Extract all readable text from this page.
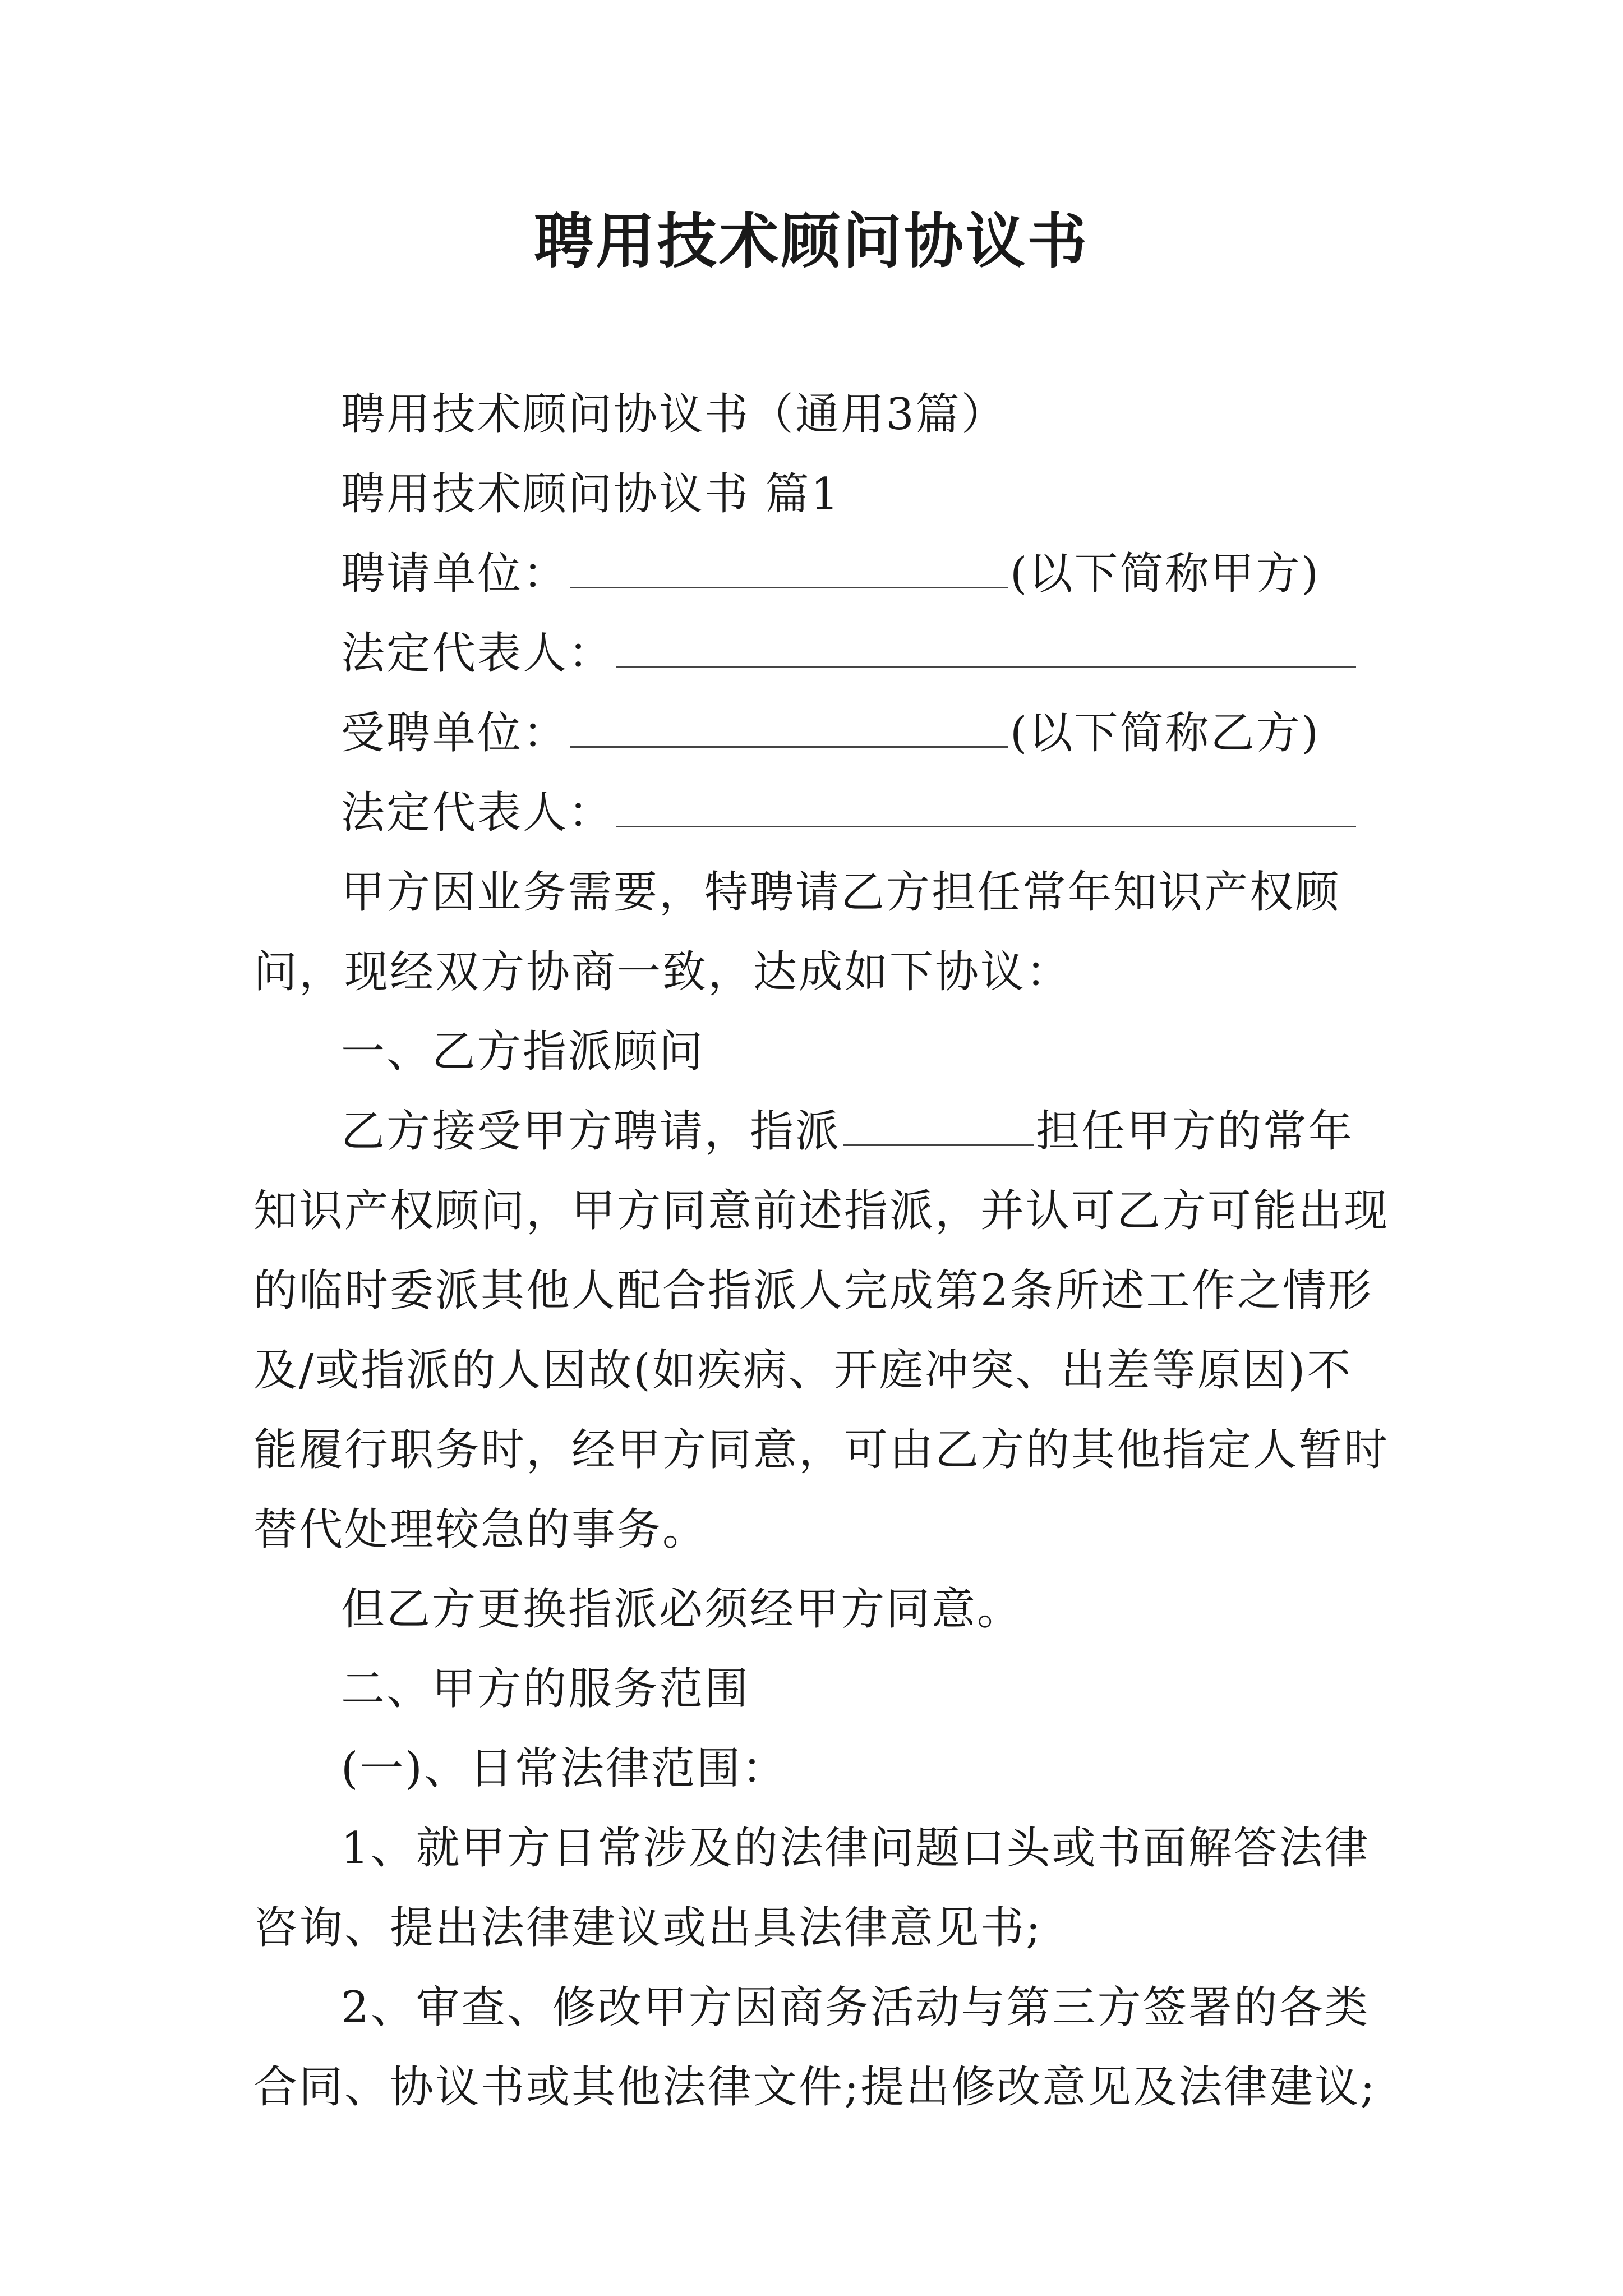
聘用技术顾问协议书

聘用技术顾问协议书（通用3篇）

聘用技术顾问协议书 篇1

聘请单位：	(以下简称甲方)

法定代表人：

受聘单位：	(以下简称乙方)

法定代表人：

甲方因业务需要，特聘请乙方担任常年知识产权顾问，现经双方协商一致，达成如下协议：

一、乙方指派顾问

乙方接受甲方聘请，指派	担任甲方的常年知识产权顾问，甲方同意前述指派，并认可乙方可能出现的临时委派其他人配合指派人完成第2条所述工作之情形及/或指派的人因故(如疾病、开庭冲突、出差等原因)不能履行职务时，经甲方同意，可由乙方的其他指定人暂时替代处理较急的事务。

但乙方更换指派必须经甲方同意。

二、甲方的服务范围

(一)、日常法律范围：

1、就甲方日常涉及的法律问题口头或书面解答法律咨询、提出法律建议或出具法律意见书;

2、审查、修改甲方因商务活动与第三方签署的各类合同、协议书或其他法律文件;提出修改意见及法律建议;
